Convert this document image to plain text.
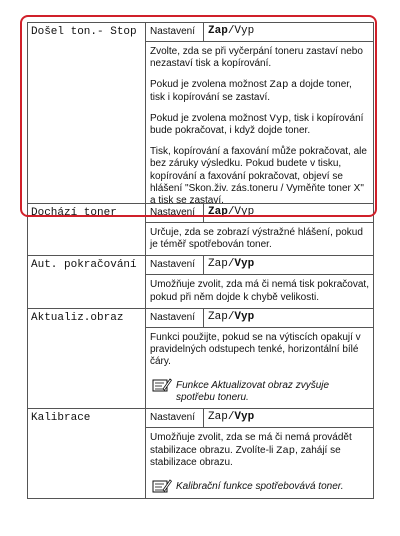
Došel ton.- Stop	Nastavení	Zap/Vyp

Zvolte, zda se při vyčerpání toneru zastaví nebo nezastaví tisk a kopírování.

Pokud je zvolena možnost Zap a dojde toner, tisk i kopírování se zastaví.

Pokud je zvolena možnost Vyp, tisk i kopírování bude pokračovat, i když dojde toner.

Tisk, kopírování a faxování může pokračovat, ale bez záruky výsledku. Pokud budete v tisku, kopírování a faxování pokračovat, objeví se hlášení "Skon.živ. zás.toneru / Vyměňte toner X" a tisk se zastaví.

Dochází toner	Nastavení	Zap/Vyp

Určuje, zda se zobrazí výstražné hlášení, pokud je téměř spotřebován toner.

Aut. pokračování	Nastavení	Zap/Vyp

Umožňuje zvolit, zda má či nemá tisk pokračovat, pokud při něm dojde k chybě velikosti.

Aktualiz.obraz	Nastavení	Zap/Vyp

Funkci použijte, pokud se na výtiscích opakují v pravidelných odstupech tenké, horizontální bílé čáry.

Funkce Aktualizovat obraz zvyšuje spotřebu toneru.
Kalibrace	Nastavení	Zap/Vyp

Umožňuje zvolit, zda se má či nemá provádět stabilizace obrazu. Zvolíte-li Zap, zahájí se stabilizace obrazu.

Kalibrační funkce spotřebovává toner.
